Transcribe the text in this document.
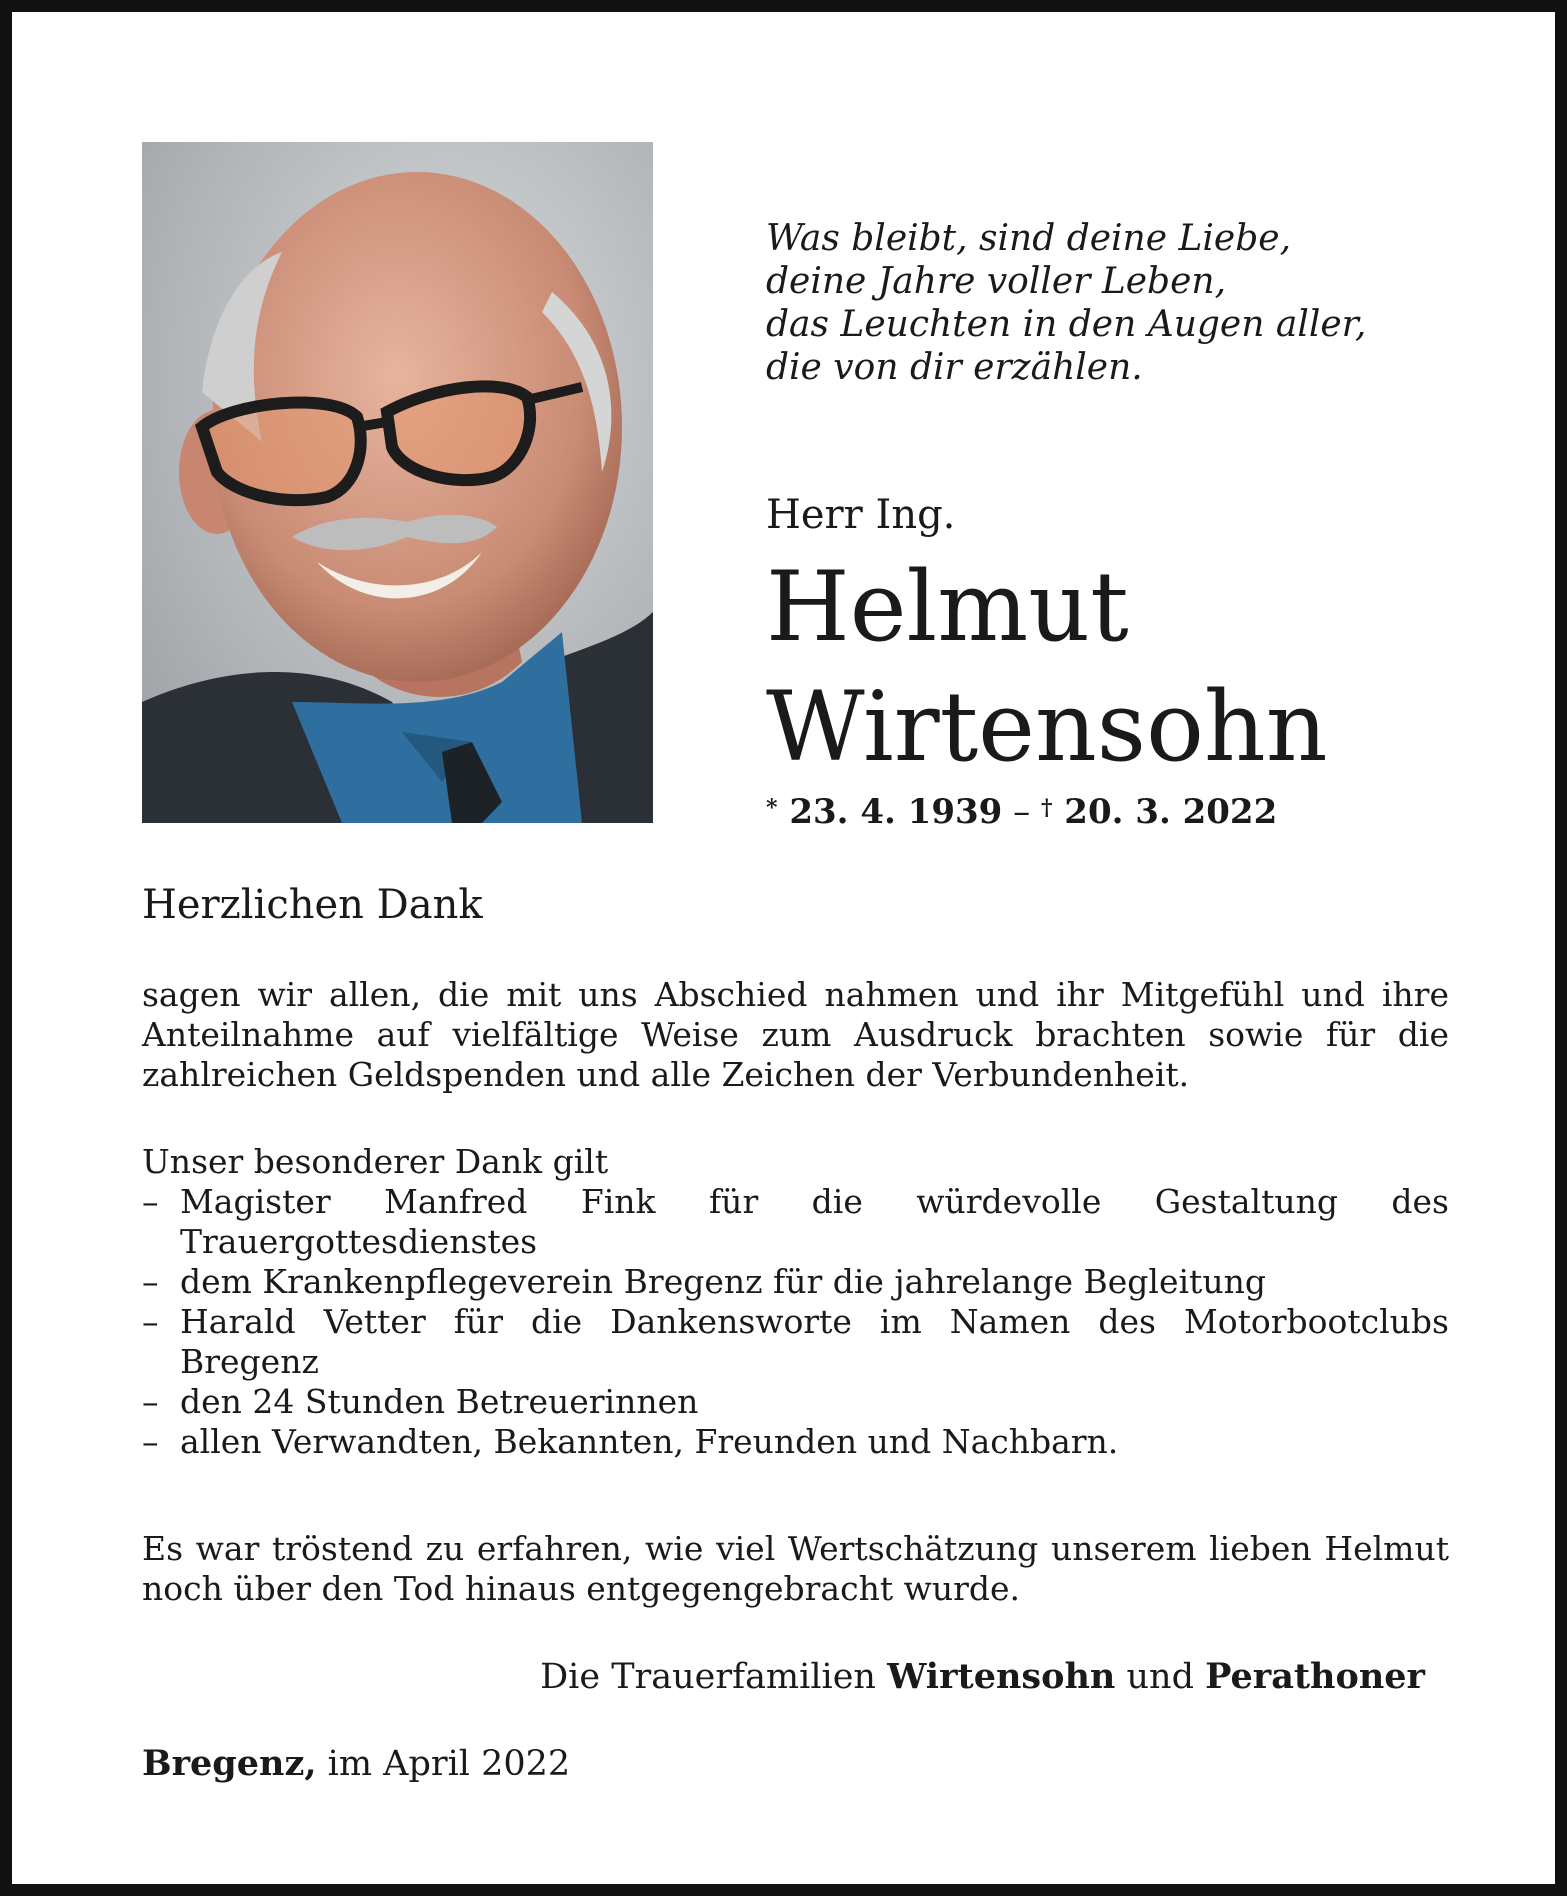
Was bleibt, sind deine Liebe,
deine Jahre voller Leben,
das Leuchten in den Augen aller,
die von dir erzählen.
Herr Ing.
Helmut
Wirtensohn
* 23. 4. 1939 – † 20. 3. 2022
Herzlichen Dank
sagen wir allen, die mit uns Abschied nahmen und ihr Mitgefühl und ihre Anteilnahme auf vielfältige Weise zum Ausdruck brachten sowie für die zahlreichen Geldspenden und alle Zeichen der Verbundenheit.
Unser besonderer Dank gilt
– Magister Manfred Fink für die würdevolle Gestaltung des Trauergottesdienstes
– dem Krankenpflegeverein Bregenz für die jahrelange Begleitung
– Harald Vetter für die Dankensworte im Namen des Motorbootclubs Bregenz
– den 24 Stunden Betreuerinnen
– allen Verwandten, Bekannten, Freunden und Nachbarn.
Es war tröstend zu erfahren, wie viel Wertschätzung unserem lieben Helmut noch über den Tod hinaus entgegengebracht wurde.
Die Trauerfamilien Wirtensohn und Perathoner
Bregenz, im April 2022
